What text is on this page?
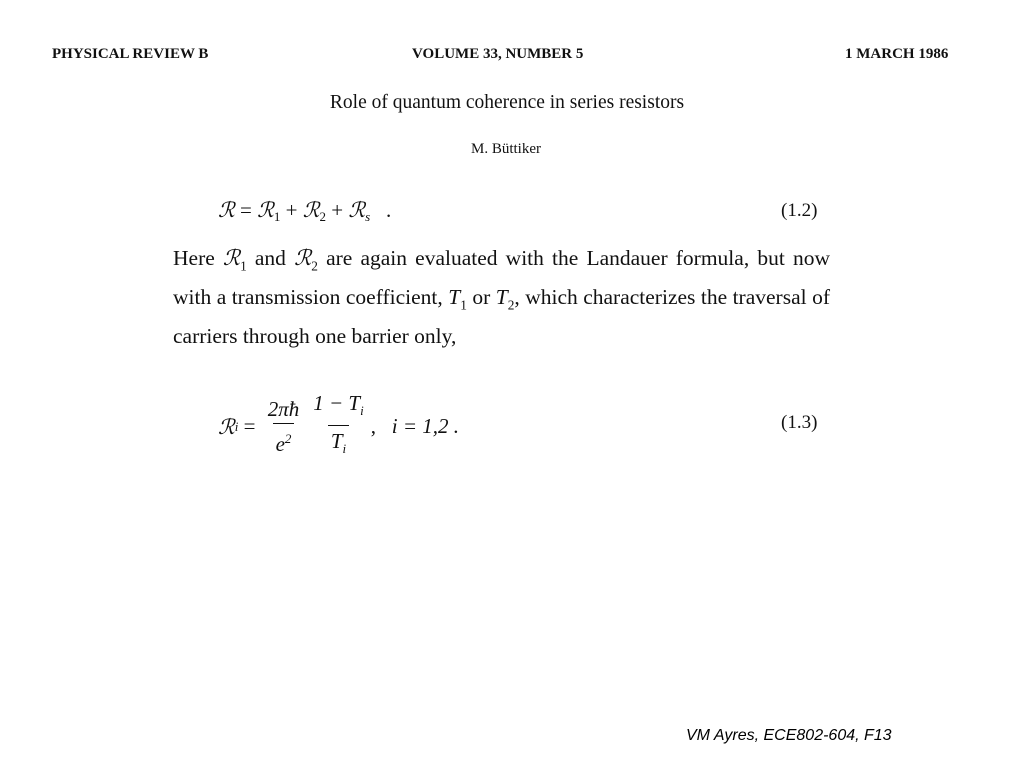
PHYSICAL REVIEW B	VOLUME 33, NUMBER 5	1 MARCH 1986
Role of quantum coherence in series resistors
M. Büttiker
ℛ = ℛ$_1$ + ℛ$_2$ + ℛ$_s$   .	(1.2)
Here ℛ$_1$ and ℛ$_2$ are again evaluated with the Landauer formula, but now with a transmission coefficient, $T_1$ or $T_2$, which characterizes the traversal of carriers through one barrier only,
ℛ $i = \frac{2\pi ħ}{e^2} \frac{1 - T_i}{T_i}$ , i = 1,2 .	(1.3)
VM Ayres, ECE802-604, F13
